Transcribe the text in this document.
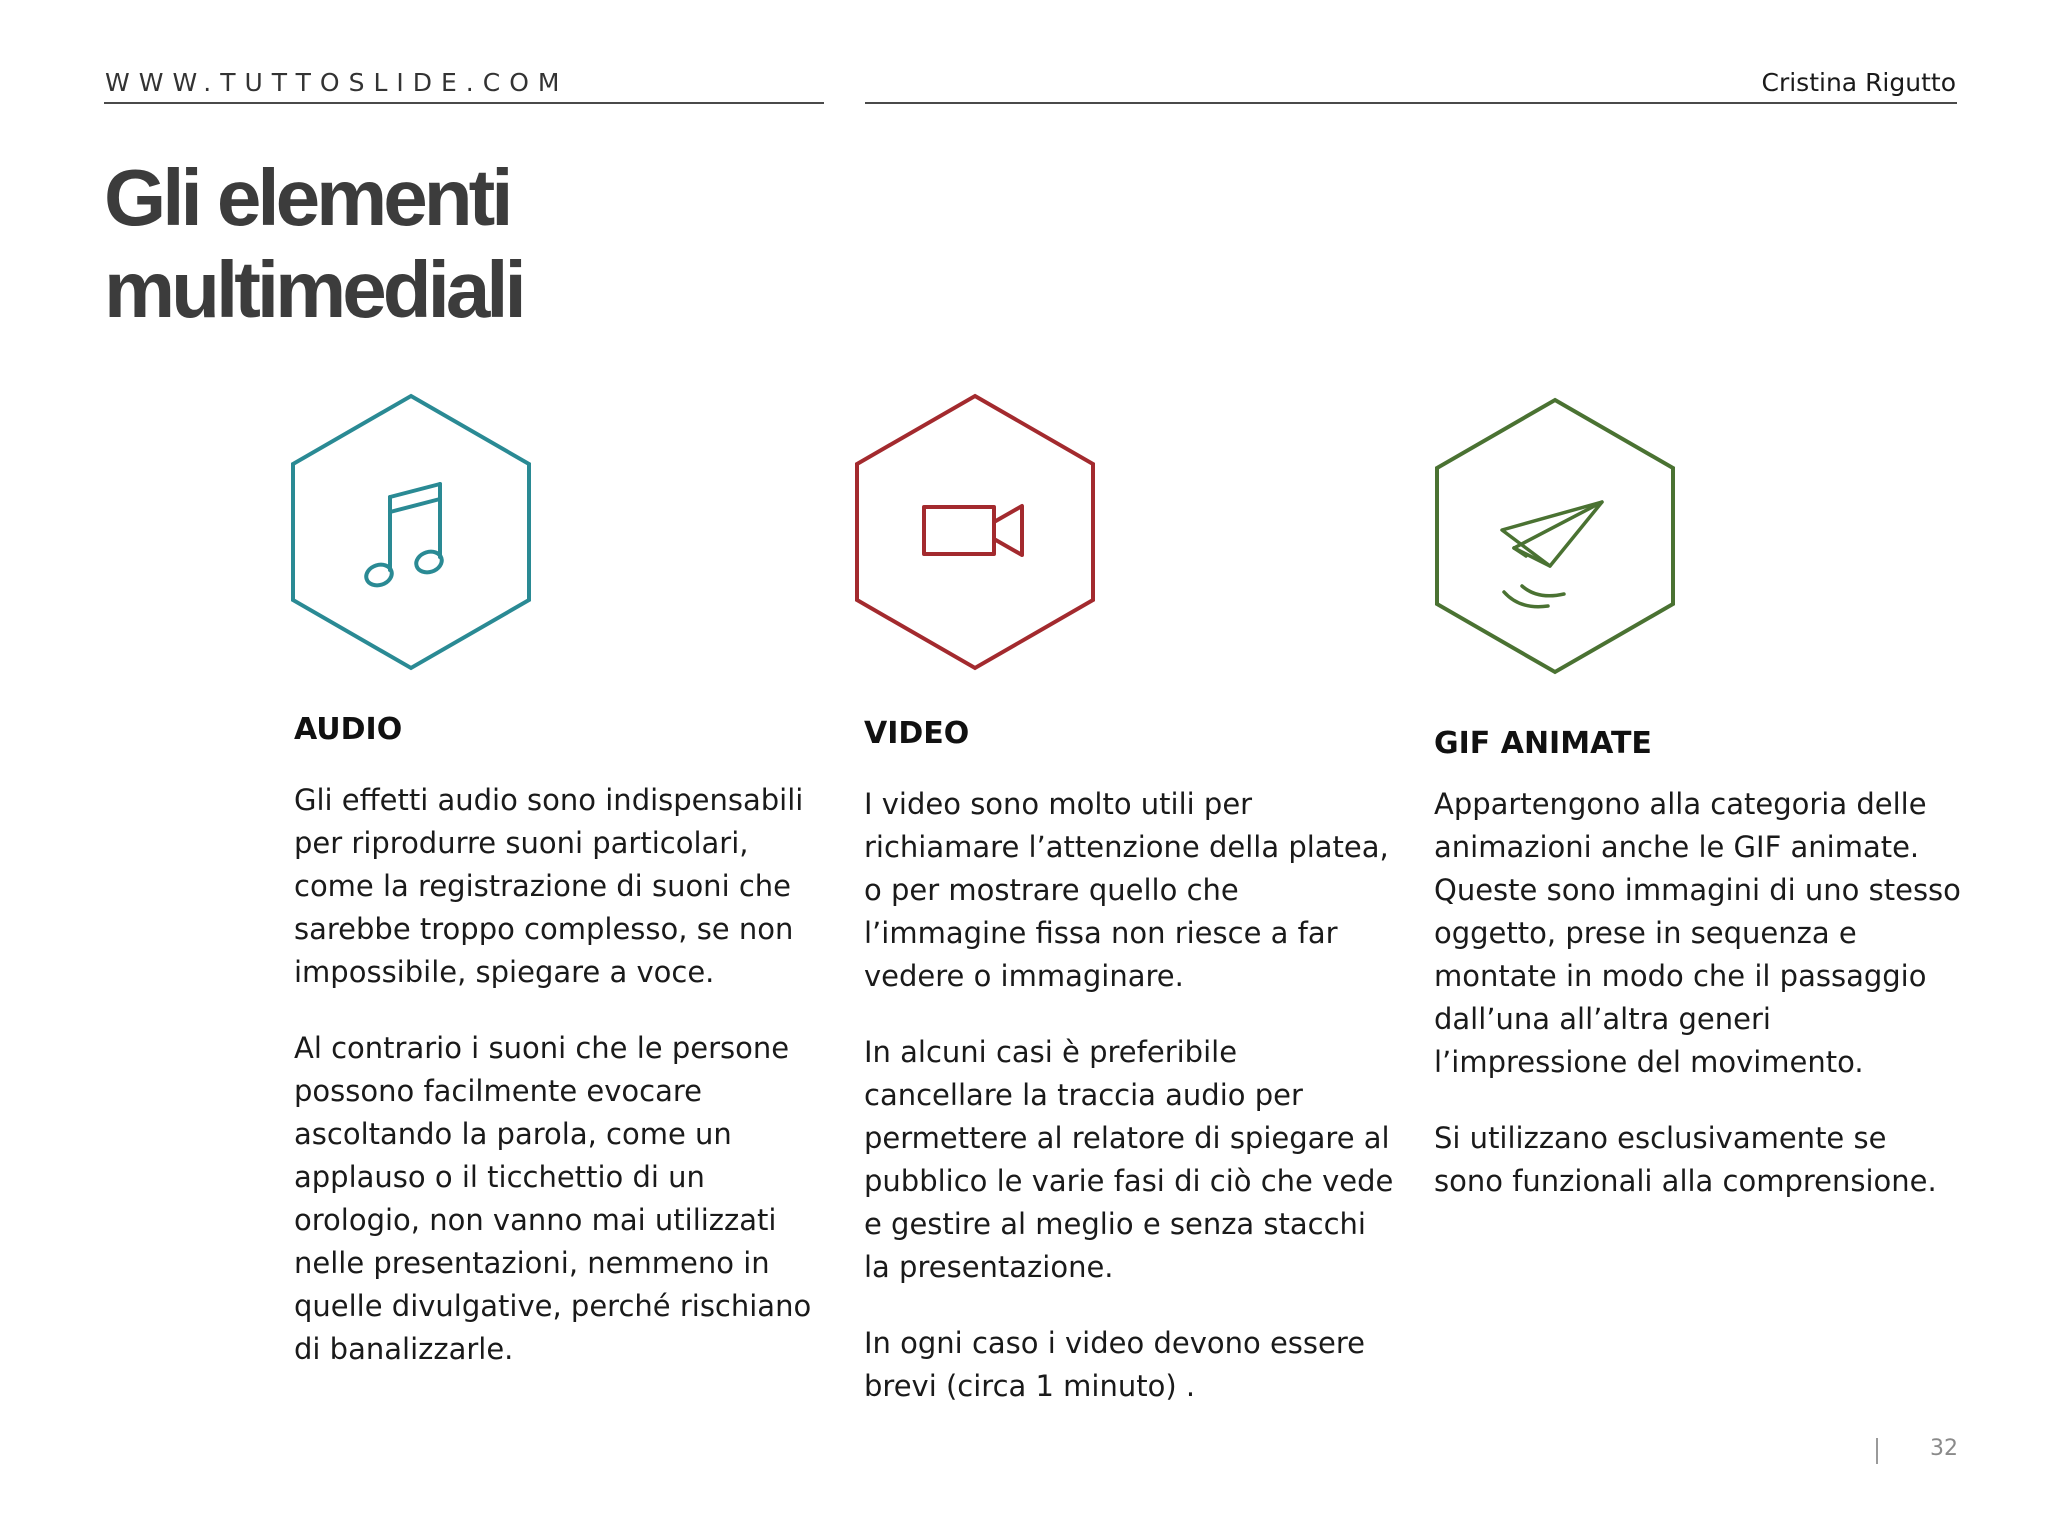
WWW.TUTTOSLIDE.COM	Cristina Rigutto
Gli elementi
multimediali
AUDIO

Gli effetti audio sono indispensabili per riprodurre suoni particolari, come la registrazione di suoni che sarebbe troppo complesso, se non impossibile, spiegare a voce.

Al contrario i suoni che le persone possono facilmente evocare ascoltando la parola, come un applauso o il ticchettio di un orologio, non vanno mai utilizzati nelle presentazioni, nemmeno in quelle divulgative, perché rischiano di banalizzarle.

VIDEO

I video sono molto utili per richiamare l’attenzione della platea, o per mostrare quello che l’immagine fissa non riesce a far vedere o immaginare.

In alcuni casi è preferibile cancellare la traccia audio per permettere al relatore di spiegare al pubblico le varie fasi di ciò che vede e gestire al meglio e senza stacchi la presentazione.

In ogni caso i video devono essere brevi (circa 1 minuto) .

GIF ANIMATE

Appartengono alla categoria delle animazioni anche le GIF animate. Queste sono immagini di uno stesso oggetto, prese in sequenza e montate in modo che il passaggio dall’una all’altra generi l’impressione del movimento.

Si utilizzano esclusivamente se sono funzionali alla comprensione.

32
